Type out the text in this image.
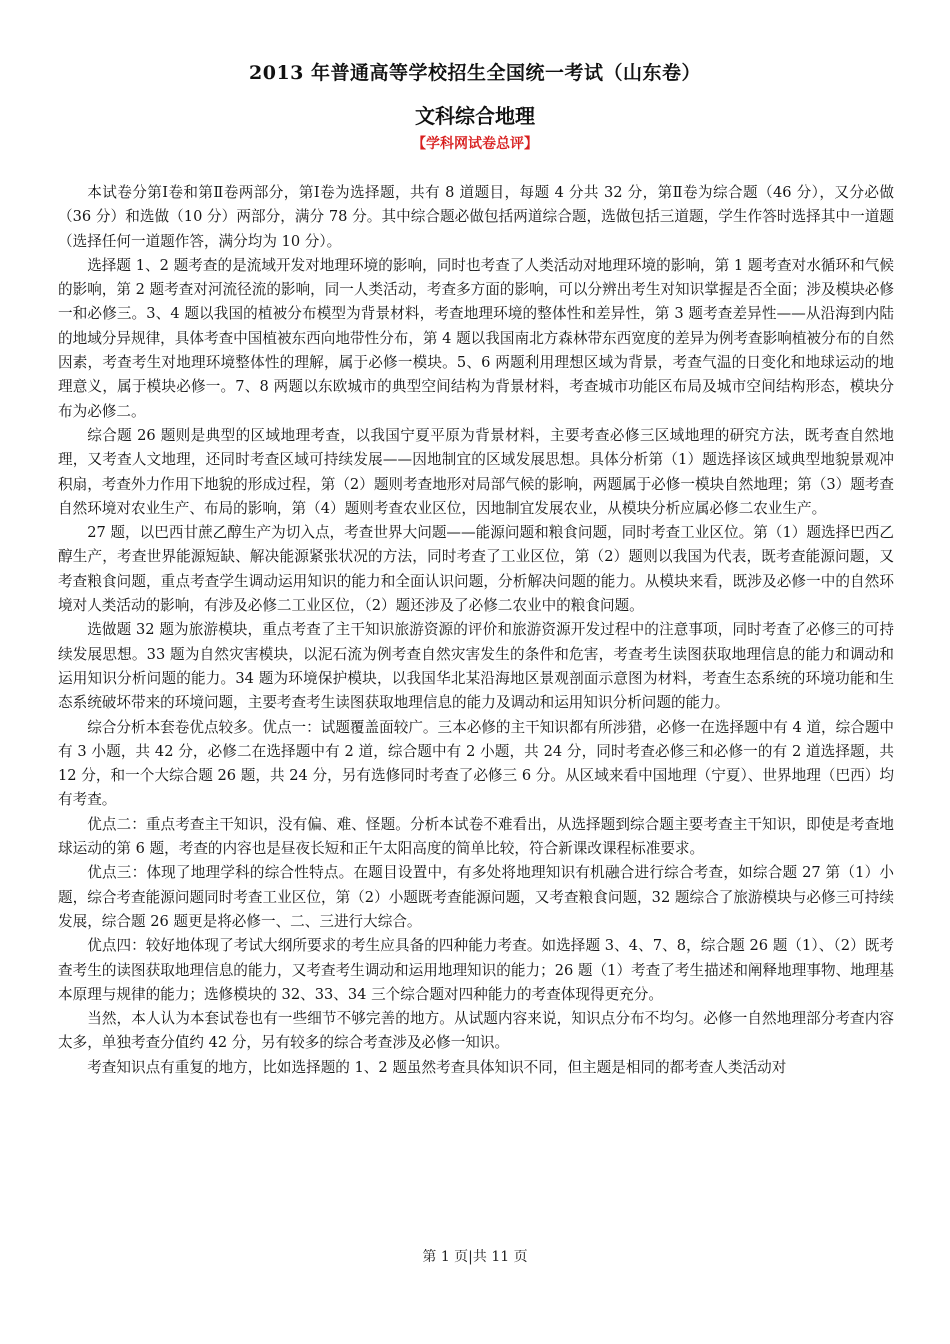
2013 年普通高等学校招生全国统一考试（山东卷）
文科综合地理
【学科网试卷总评】

本试卷分第Ⅰ卷和第Ⅱ卷两部分，第Ⅰ卷为选择题，共有 8 道题目，每题 4 分共 32 分，第Ⅱ卷为综合题（46 分），又分必做（36 分）和选做（10 分）两部分，满分 78 分。其中综合题必做包括两道综合题，选做包括三道题，学生作答时选择其中一道题（选择任何一道题作答，满分均为 10 分）。

选择题 1、2 题考查的是流域开发对地理环境的影响，同时也考查了人类活动对地理环境的影响，第 1 题考查对水循环和气候的影响，第 2 题考查对河流径流的影响，同一人类活动，考查多方面的影响，可以分辨出考生对知识掌握是否全面；涉及模块必修一和必修三。3、4 题以我国的植被分布模型为背景材料，考查地理环境的整体性和差异性，第 3 题考查差异性——从沿海到内陆的地域分异规律，具体考查中国植被东西向地带性分布，第 4 题以我国南北方森林带东西宽度的差异为例考查影响植被分布的自然因素，考查考生对地理环境整体性的理解，属于必修一模块。5、6 两题利用理想区域为背景，考查气温的日变化和地球运动的地理意义，属于模块必修一。7、8 两题以东欧城市的典型空间结构为背景材料，考查城市功能区布局及城市空间结构形态，模块分布为必修二。

综合题 26 题则是典型的区域地理考查，以我国宁夏平原为背景材料，主要考查必修三区域地理的研究方法，既考查自然地理，又考查人文地理，还同时考查区域可持续发展——因地制宜的区域发展思想。具体分析第（1）题选择该区域典型地貌景观冲积扇，考查外力作用下地貌的形成过程，第（2）题则考查地形对局部气候的影响，两题属于必修一模块自然地理；第（3）题考查自然环境对农业生产、布局的影响，第（4）题则考查农业区位，因地制宜发展农业，从模块分析应属必修二农业生产。

27 题，以巴西甘蔗乙醇生产为切入点，考查世界大问题——能源问题和粮食问题，同时考查工业区位。第（1）题选择巴西乙醇生产，考查世界能源短缺、解决能源紧张状况的方法，同时考查了工业区位，第（2）题则以我国为代表，既考查能源问题，又考查粮食问题，重点考查学生调动运用知识的能力和全面认识问题，分析解决问题的能力。从模块来看，既涉及必修一中的自然环境对人类活动的影响，有涉及必修二工业区位，（2）题还涉及了必修二农业中的粮食问题。

选做题 32 题为旅游模块，重点考查了主干知识旅游资源的评价和旅游资源开发过程中的注意事项，同时考查了必修三的可持续发展思想。33 题为自然灾害模块，以泥石流为例考查自然灾害发生的条件和危害，考查考生读图获取地理信息的能力和调动和运用知识分析问题的能力。34 题为环境保护模块，以我国华北某沿海地区景观剖面示意图为材料，考查生态系统的环境功能和生态系统破坏带来的环境问题，主要考查考生读图获取地理信息的能力及调动和运用知识分析问题的能力。

综合分析本套卷优点较多。优点一：试题覆盖面较广。三本必修的主干知识都有所涉猎，必修一在选择题中有 4 道，综合题中有 3 小题，共 42 分，必修二在选择题中有 2 道，综合题中有 2 小题，共 24 分，同时考查必修三和必修一的有 2 道选择题，共 12 分，和一个大综合题 26 题，共 24 分，另有选修同时考查了必修三 6 分。从区域来看中国地理（宁夏）、世界地理（巴西）均有考查。

优点二：重点考查主干知识，没有偏、难、怪题。分析本试卷不难看出，从选择题到综合题主要考查主干知识，即使是考查地球运动的第 6 题，考查的内容也是昼夜长短和正午太阳高度的简单比较，符合新课改课程标准要求。

优点三：体现了地理学科的综合性特点。在题目设置中，有多处将地理知识有机融合进行综合考查，如综合题 27 第（1）小题，综合考查能源问题同时考查工业区位，第（2）小题既考查能源问题，又考查粮食问题，32 题综合了旅游模块与必修三可持续发展，综合题 26 题更是将必修一、二、三进行大综合。

优点四：较好地体现了考试大纲所要求的考生应具备的四种能力考查。如选择题 3、4、7、8，综合题 26 题（1）、（2）既考查考生的读图获取地理信息的能力，又考查考生调动和运用地理知识的能力；26 题（1）考查了考生描述和阐释地理事物、地理基本原理与规律的能力；选修模块的 32、33、34 三个综合题对四种能力的考查体现得更充分。

当然，本人认为本套试卷也有一些细节不够完善的地方。从试题内容来说，知识点分布不均匀。必修一自然地理部分考查内容太多，单独考查分值约 42 分，另有较多的综合考查涉及必修一知识。

考查知识点有重复的地方，比如选择题的 1、2 题虽然考查具体知识不同，但主题是相同的都考查人类活动对

第 1 页|共 11 页
